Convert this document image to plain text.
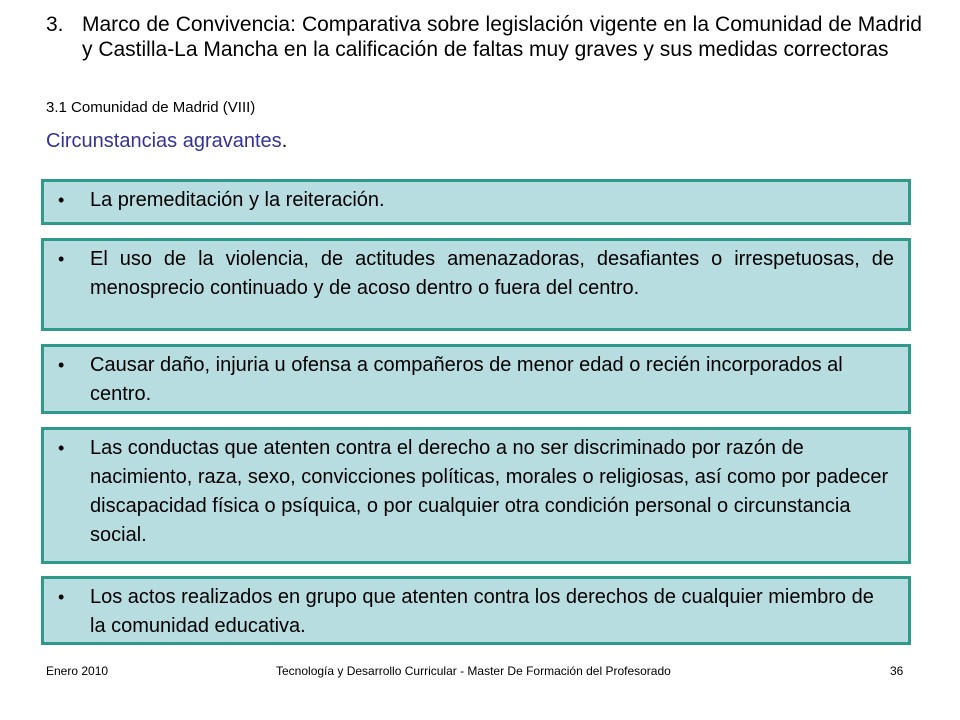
3. Marco de Convivencia: Comparativa sobre legislación vigente en la Comunidad de Madrid y Castilla-La Mancha en la calificación de faltas muy graves y sus medidas correctoras
3.1 Comunidad de Madrid (VIII)
Circunstancias agravantes.
•	La premeditación y la reiteración.
•	El uso de la violencia, de actitudes amenazadoras, desafiantes o irrespetuosas, de menosprecio continuado y de acoso dentro o fuera del centro.
•	Causar daño, injuria u ofensa a compañeros de menor edad o recién incorporados al centro.
•	Las conductas que atenten contra el derecho a no ser discriminado por razón de nacimiento, raza, sexo, convicciones políticas, morales o religiosas, así como por padecer discapacidad física o psíquica, o por cualquier otra condición personal o circunstancia social.
•	Los actos realizados en grupo que atenten contra los derechos de cualquier miembro de la comunidad educativa.
Enero 2010	Tecnología y Desarrollo Curricular - Master De Formación del Profesorado	36
